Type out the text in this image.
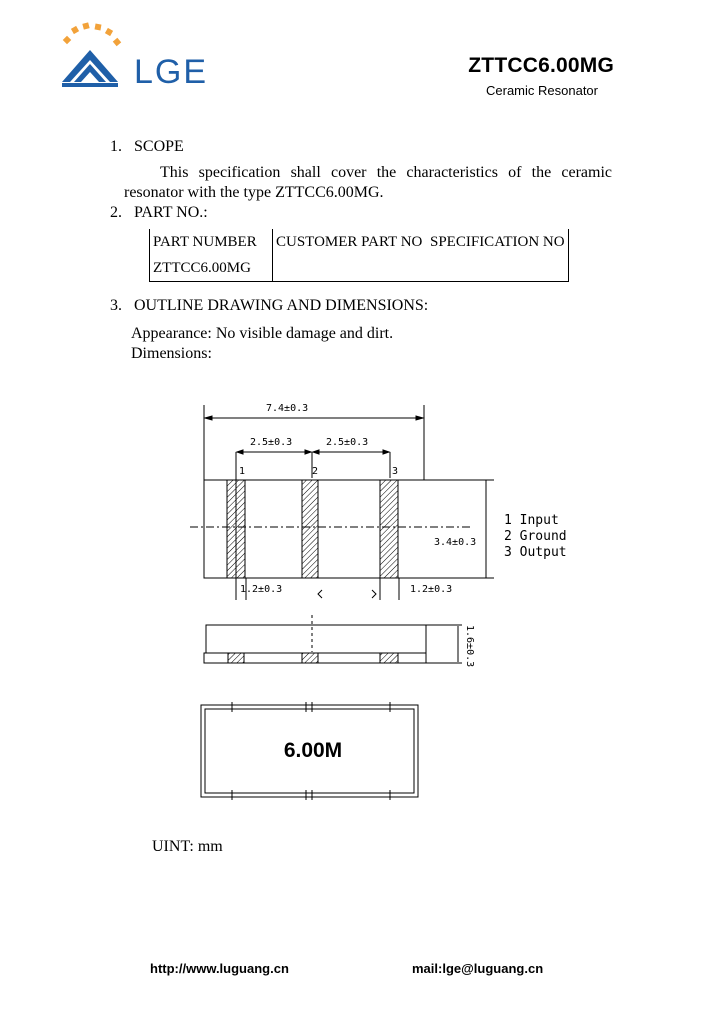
LGE	ZTTCC6.00MG
Ceramic Resonator
1.   SCOPE
This specification shall cover the characteristics of the ceramic
resonator with the type ZTTCC6.00MG.
2.   PART NO.:
PART NUMBER	CUSTOMER PART NO	SPECIFICATION NO
ZTTCC6.00MG		
3.   OUTLINE DRAWING AND DIMENSIONS:
Appearance: No visible damage and dirt.
Dimensions:
7.4±0.3
2.5±0.3	2.5±0.3
1	2	3
3.4±0.3
1.2±0.3	1.2±0.3
1 Input
2 Ground
3 Output
1.6±0.3
6.00M
UINT: mm
http://www.luguang.cn	mail:lge@luguang.cn
